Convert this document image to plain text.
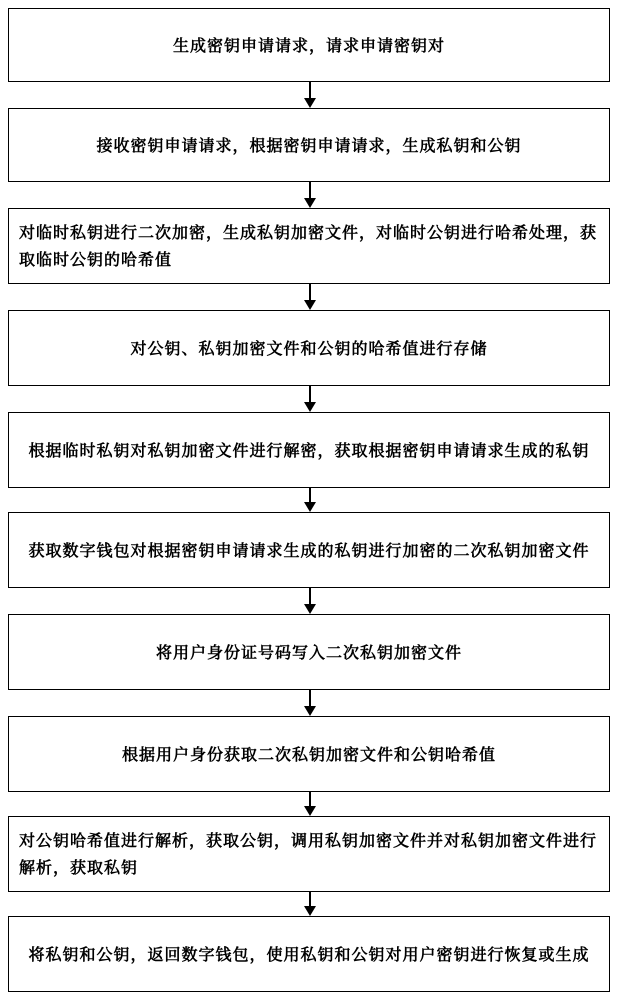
生成密钥申请请求，请求申请密钥对
接收密钥申请请求，根据密钥申请请求，生成私钥和公钥
对临时私钥进行二次加密，生成私钥加密文件，对临时公钥进行哈希处理，获取临时公钥的哈希值
对公钥、私钥加密文件和公钥的哈希值进行存储
根据临时私钥对私钥加密文件进行解密，获取根据密钥申请请求生成的私钥
获取数字钱包对根据密钥申请请求生成的私钥进行加密的二次私钥加密文件
将用户身份证号码写入二次私钥加密文件
根据用户身份获取二次私钥加密文件和公钥哈希值
对公钥哈希值进行解析，获取公钥，调用私钥加密文件并对私钥加密文件进行解析，获取私钥
将私钥和公钥，返回数字钱包，使用私钥和公钥对用户密钥进行恢复或生成
